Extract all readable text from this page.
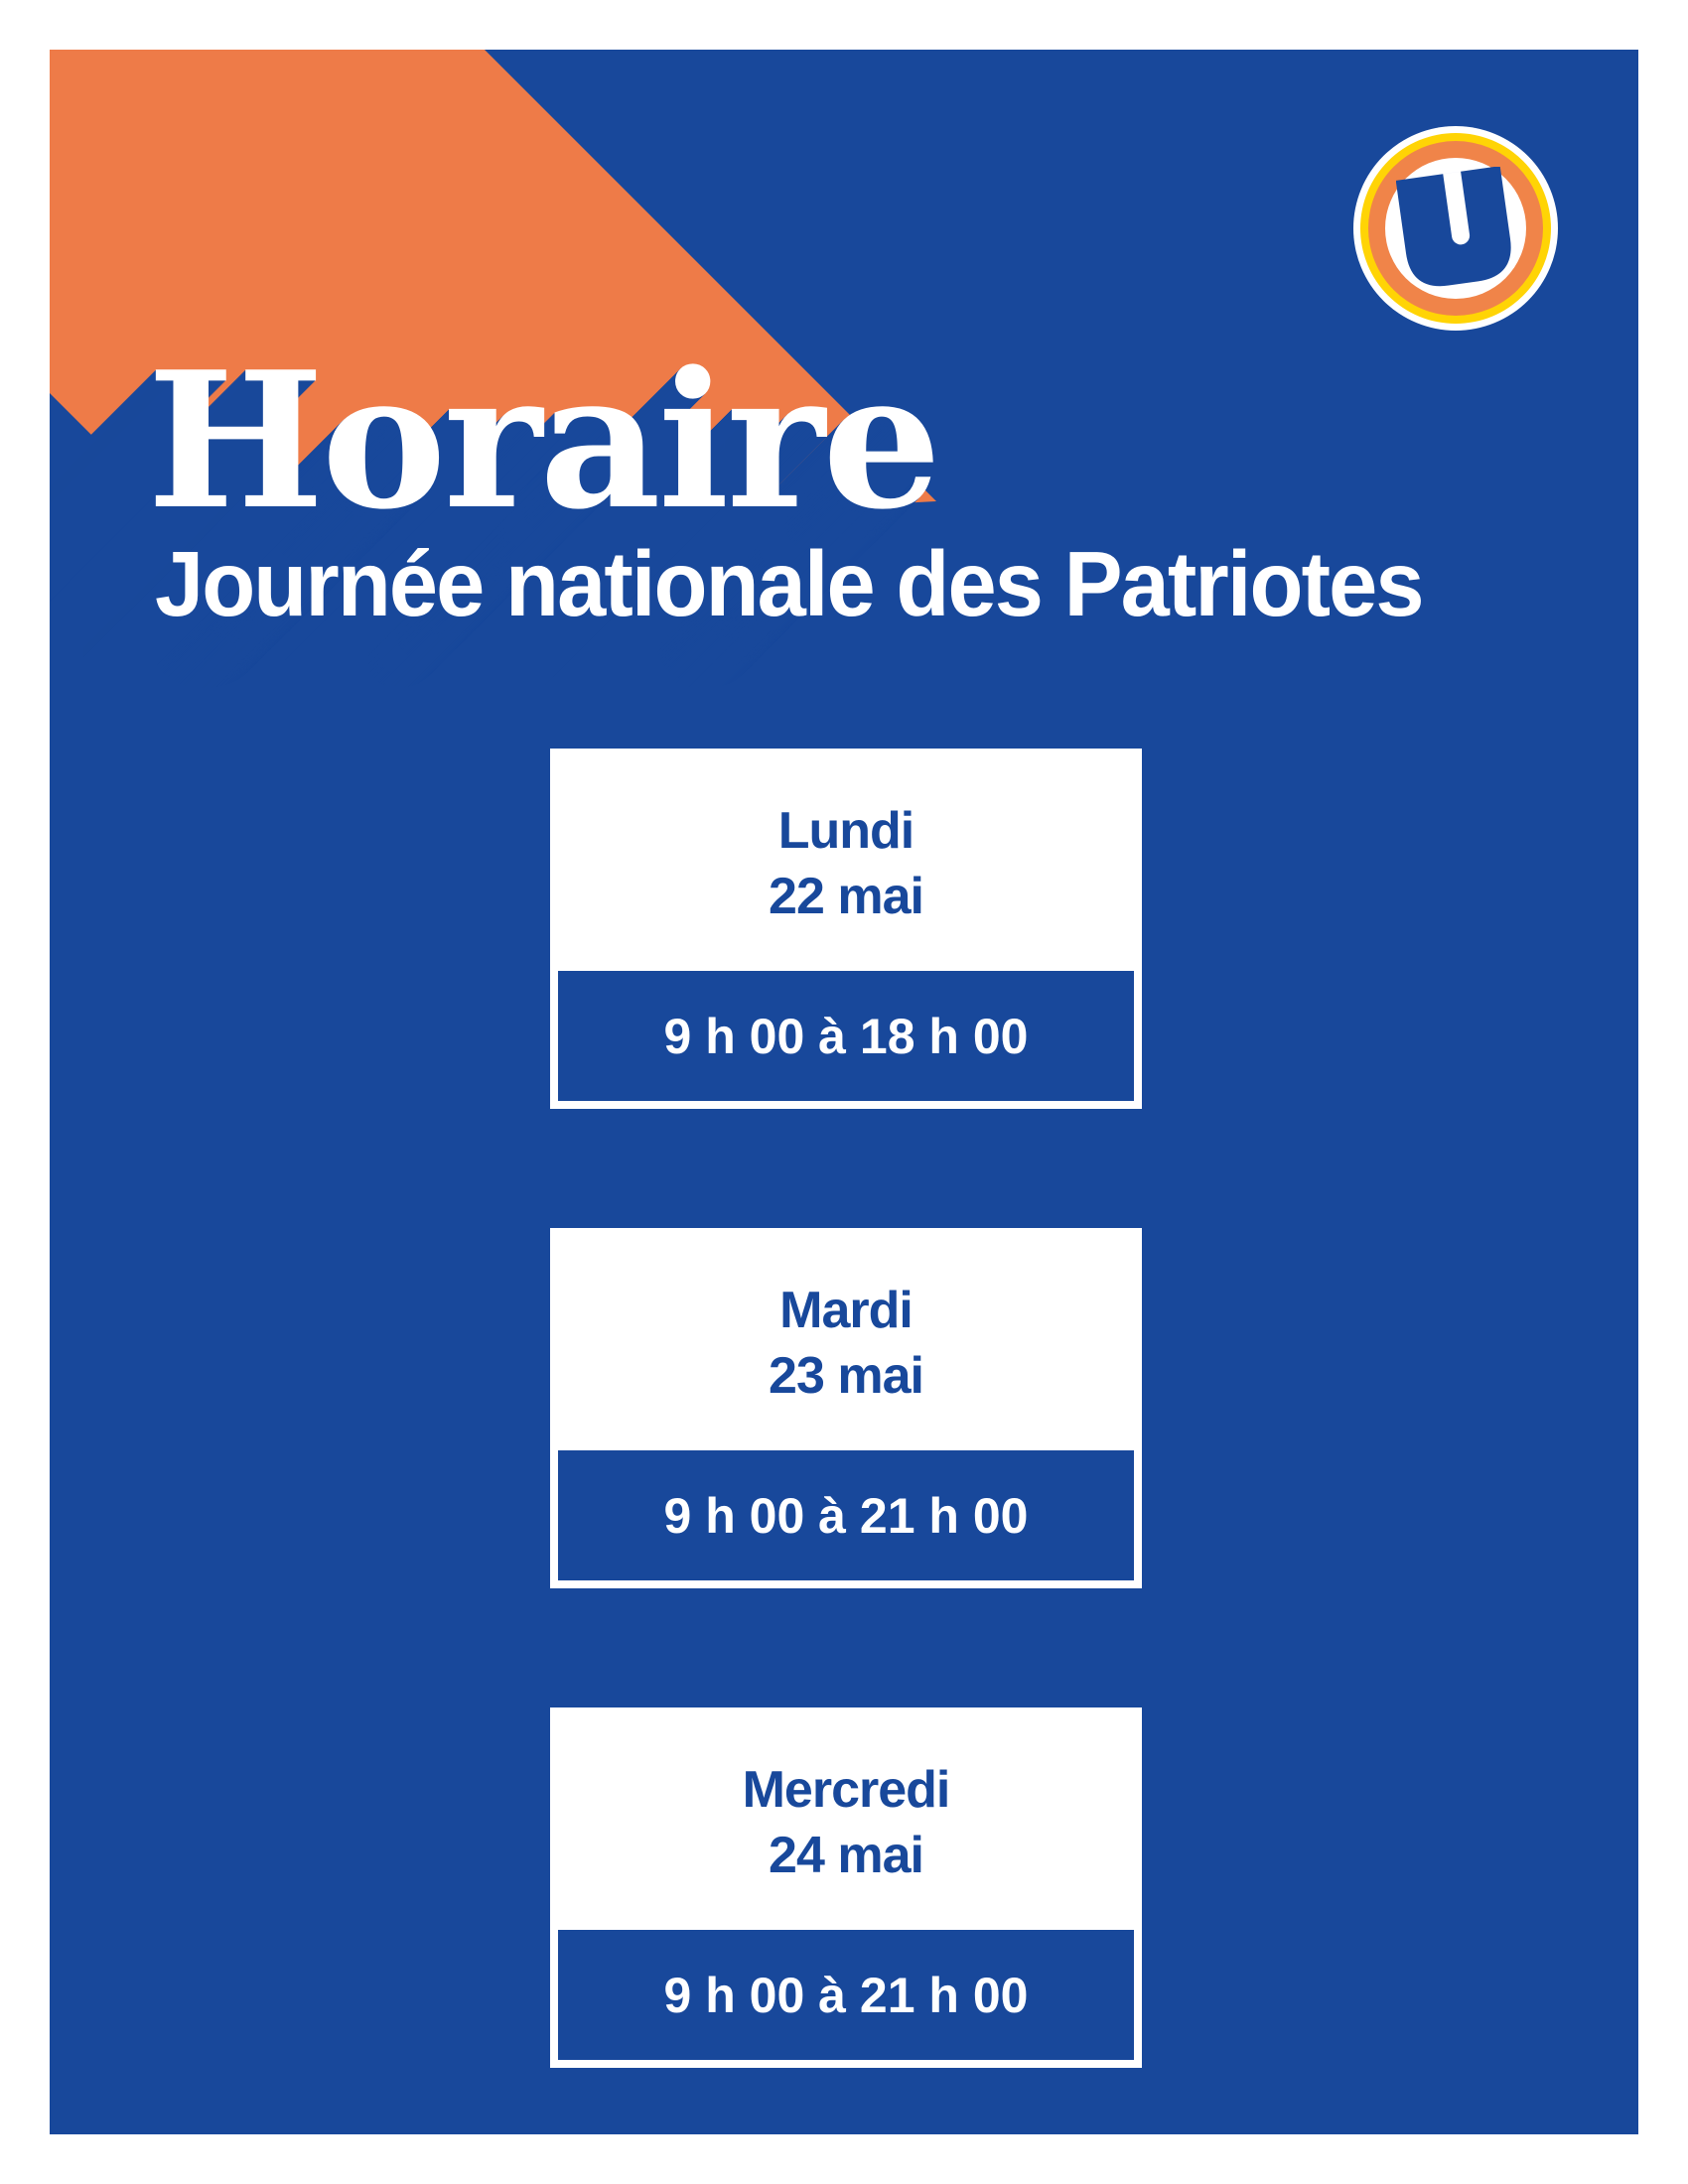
Horaire
Journée nationale des Patriotes
Lundi
22 mai
9 h 00 à 18 h 00
Mardi
23 mai
9 h 00 à 21 h 00
Mercredi
24 mai
9 h 00 à 21 h 00
